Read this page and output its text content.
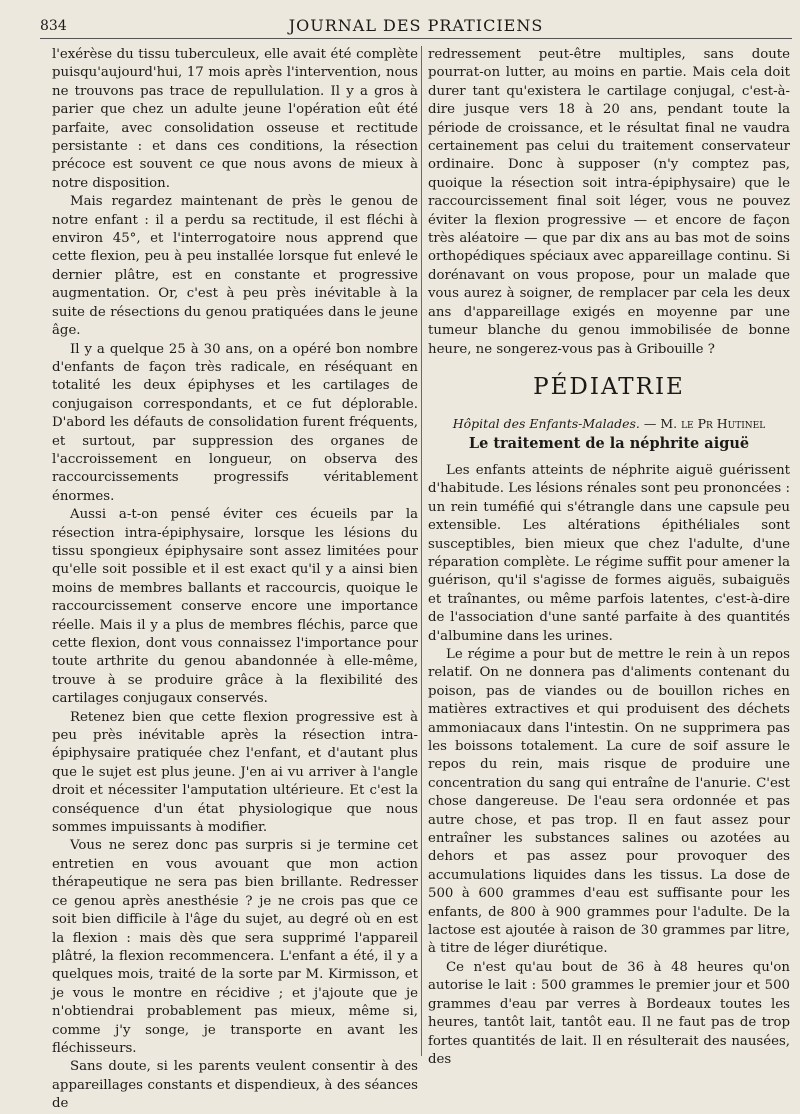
834	JOURNAL DES PRATICIENS

l'exérèse du tissu tuberculeux, elle avait été complète puisqu'aujourd'hui, 17 mois après l'intervention, nous ne trouvons pas trace de repullulation. Il y a gros à parier que chez un adulte jeune l'opération eût été parfaite, avec consolidation osseuse et rectitude persistante : et dans ces conditions, la résection précoce est souvent ce que nous avons de mieux à notre disposition.

Mais regardez maintenant de près le genou de notre enfant : il a perdu sa rectitude, il est fléchi à environ 45°, et l'interrogatoire nous apprend que cette flexion, peu à peu installée lorsque fut enlevé le dernier plâtre, est en constante et progressive augmentation. Or, c'est à peu près inévitable à la suite de résections du genou pratiquées dans le jeune âge.

Il y a quelque 25 à 30 ans, on a opéré bon nombre d'enfants de façon très radicale, en réséquant en totalité les deux épiphyses et les cartilages de conjugaison correspondants, et ce fut déplorable. D'abord les défauts de consolidation furent fréquents, et surtout, par suppression des organes de l'accroissement en longueur, on observa des raccourcissements progressifs véritablement énormes.

Aussi a-t-on pensé éviter ces écueils par la résection intra-épiphysaire, lorsque les lésions du tissu spongieux épiphysaire sont assez limitées pour qu'elle soit possible et il est exact qu'il y a ainsi bien moins de membres ballants et raccourcis, quoique le raccourcissement conserve encore une importance réelle. Mais il y a plus de membres fléchis, parce que cette flexion, dont vous connaissez l'importance pour toute arthrite du genou abandonnée à elle-même, trouve à se produire grâce à la flexibilité des cartilages conjugaux conservés.

Retenez bien que cette flexion progressive est à peu près inévitable après la résection intra-épiphysaire pratiquée chez l'enfant, et d'autant plus que le sujet est plus jeune. J'en ai vu arriver à l'angle droit et nécessiter l'amputation ultérieure. Et c'est la conséquence d'un état physiologique que nous sommes impuissants à modifier.

Vous ne serez donc pas surpris si je termine cet entretien en vous avouant que mon action thérapeutique ne sera pas bien brillante. Redresser ce genou après anesthésie ? je ne crois pas que ce soit bien difficile à l'âge du sujet, au degré où en est la flexion : mais dès que sera supprimé l'appareil plâtré, la flexion recommencera. L'enfant a été, il y a quelques mois, traité de la sorte par M. Kirmisson, et je vous le montre en récidive ; et j'ajoute que je n'obtiendrai probablement pas mieux, même si, comme j'y songe, je transporte en avant les fléchisseurs.

Sans doute, si les parents veulent consentir à des appareillages constants et dispendieux, à des séances de

redressement peut-être multiples, sans doute pourrat-on lutter, au moins en partie. Mais cela doit durer tant qu'existera le cartilage conjugal, c'est-à-dire jusque vers 18 à 20 ans, pendant toute la période de croissance, et le résultat final ne vaudra certainement pas celui du traitement conservateur ordinaire. Donc à supposer (n'y comptez pas, quoique la résection soit intra-épiphysaire) que le raccourcissement final soit léger, vous ne pouvez éviter la flexion progressive — et encore de façon très aléatoire — que par dix ans au bas mot de soins orthopédiques spéciaux avec appareillage continu. Si dorénavant on vous propose, pour un malade que vous aurez à soigner, de remplacer par cela les deux ans d'appareillage exigés en moyenne par une tumeur blanche du genou immobilisée de bonne heure, ne songerez-vous pas à Gribouille ?

PÉDIATRIE
Hôpital des Enfants-Malades. — M. le Pr Hutinel
Le traitement de la néphrite aiguë

Les enfants atteints de néphrite aiguë guérissent d'habitude. Les lésions rénales sont peu prononcées : un rein tuméfié qui s'étrangle dans une capsule peu extensible. Les altérations épithéliales sont susceptibles, bien mieux que chez l'adulte, d'une réparation complète. Le régime suffit pour amener la guérison, qu'il s'agisse de formes aiguës, subaiguës et traînantes, ou même parfois latentes, c'est-à-dire de l'association d'une santé parfaite à des quantités d'albumine dans les urines.

Le régime a pour but de mettre le rein à un repos relatif. On ne donnera pas d'aliments contenant du poison, pas de viandes ou de bouillon riches en matières extractives et qui produisent des déchets ammoniacaux dans l'intestin. On ne supprimera pas les boissons totalement. La cure de soif assure le repos du rein, mais risque de produire une concentration du sang qui entraîne de l'anurie. C'est chose dangereuse. De l'eau sera ordonnée et pas autre chose, et pas trop. Il en faut assez pour entraîner les substances salines ou azotées au dehors et pas assez pour provoquer des accumulations liquides dans les tissus. La dose de 500 à 600 grammes d'eau est suffisante pour les enfants, de 800 à 900 grammes pour l'adulte. De la lactose est ajoutée à raison de 30 grammes par litre, à titre de léger diurétique.

Ce n'est qu'au bout de 36 à 48 heures qu'on autorise le lait : 500 grammes le premier jour et 500 grammes d'eau par verres à Bordeaux toutes les heures, tantôt lait, tantôt eau. Il ne faut pas de trop fortes quantités de lait. Il en résulterait des nausées, des
